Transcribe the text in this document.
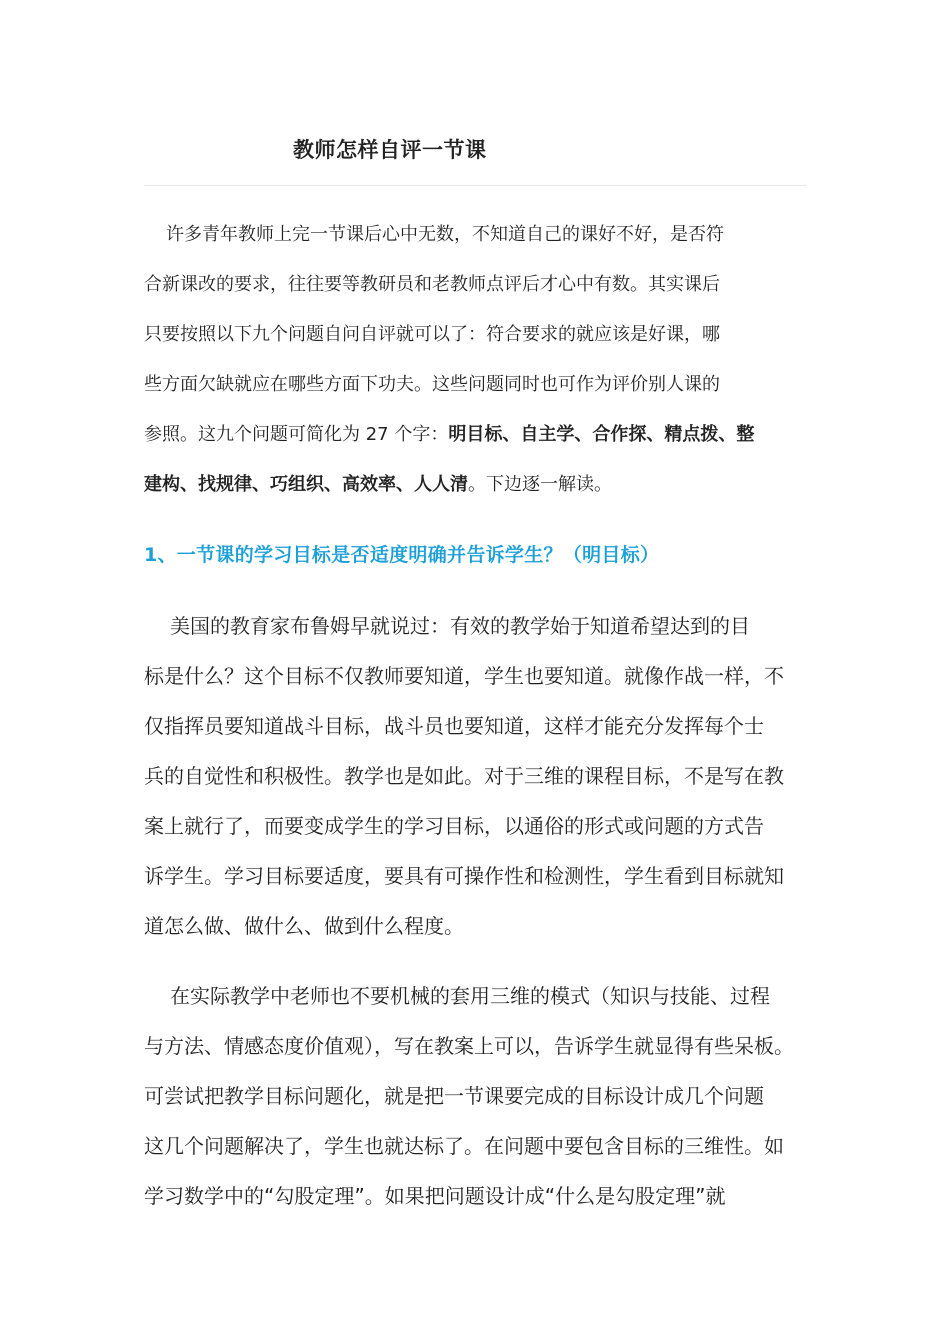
教师怎样自评一节课
许多青年教师上完一节课后心中无数，不知道自己的课好不好，是否符
合新课改的要求，往往要等教研员和老教师点评后才心中有数。其实课后
只要按照以下九个问题自问自评就可以了：符合要求的就应该是好课，哪
些方面欠缺就应在哪些方面下功夫。这些问题同时也可作为评价别人课的
参照。这九个问题可简化为 27 个字：明目标、自主学、合作探、精点拨、整
建构、找规律、巧组织、高效率、人人清。下边逐一解读。
1、一节课的学习目标是否适度明确并告诉学生？（明目标）
美国的教育家布鲁姆早就说过：有效的教学始于知道希望达到的目
标是什么？这个目标不仅教师要知道，学生也要知道。就像作战一样，不
仅指挥员要知道战斗目标，战斗员也要知道，这样才能充分发挥每个士
兵的自觉性和积极性。教学也是如此。对于三维的课程目标，不是写在教
案上就行了，而要变成学生的学习目标，以通俗的形式或问题的方式告
诉学生。学习目标要适度，要具有可操作性和检测性，学生看到目标就知
道怎么做、做什么、做到什么程度。
在实际教学中老师也不要机械的套用三维的模式（知识与技能、过程
与方法、情感态度价值观），写在教案上可以，告诉学生就显得有些呆板。
可尝试把教学目标问题化，就是把一节课要完成的目标设计成几个问题
这几个问题解决了，学生也就达标了。在问题中要包含目标的三维性。如
学习数学中的“勾股定理”。如果把问题设计成“什么是勾股定理”就
